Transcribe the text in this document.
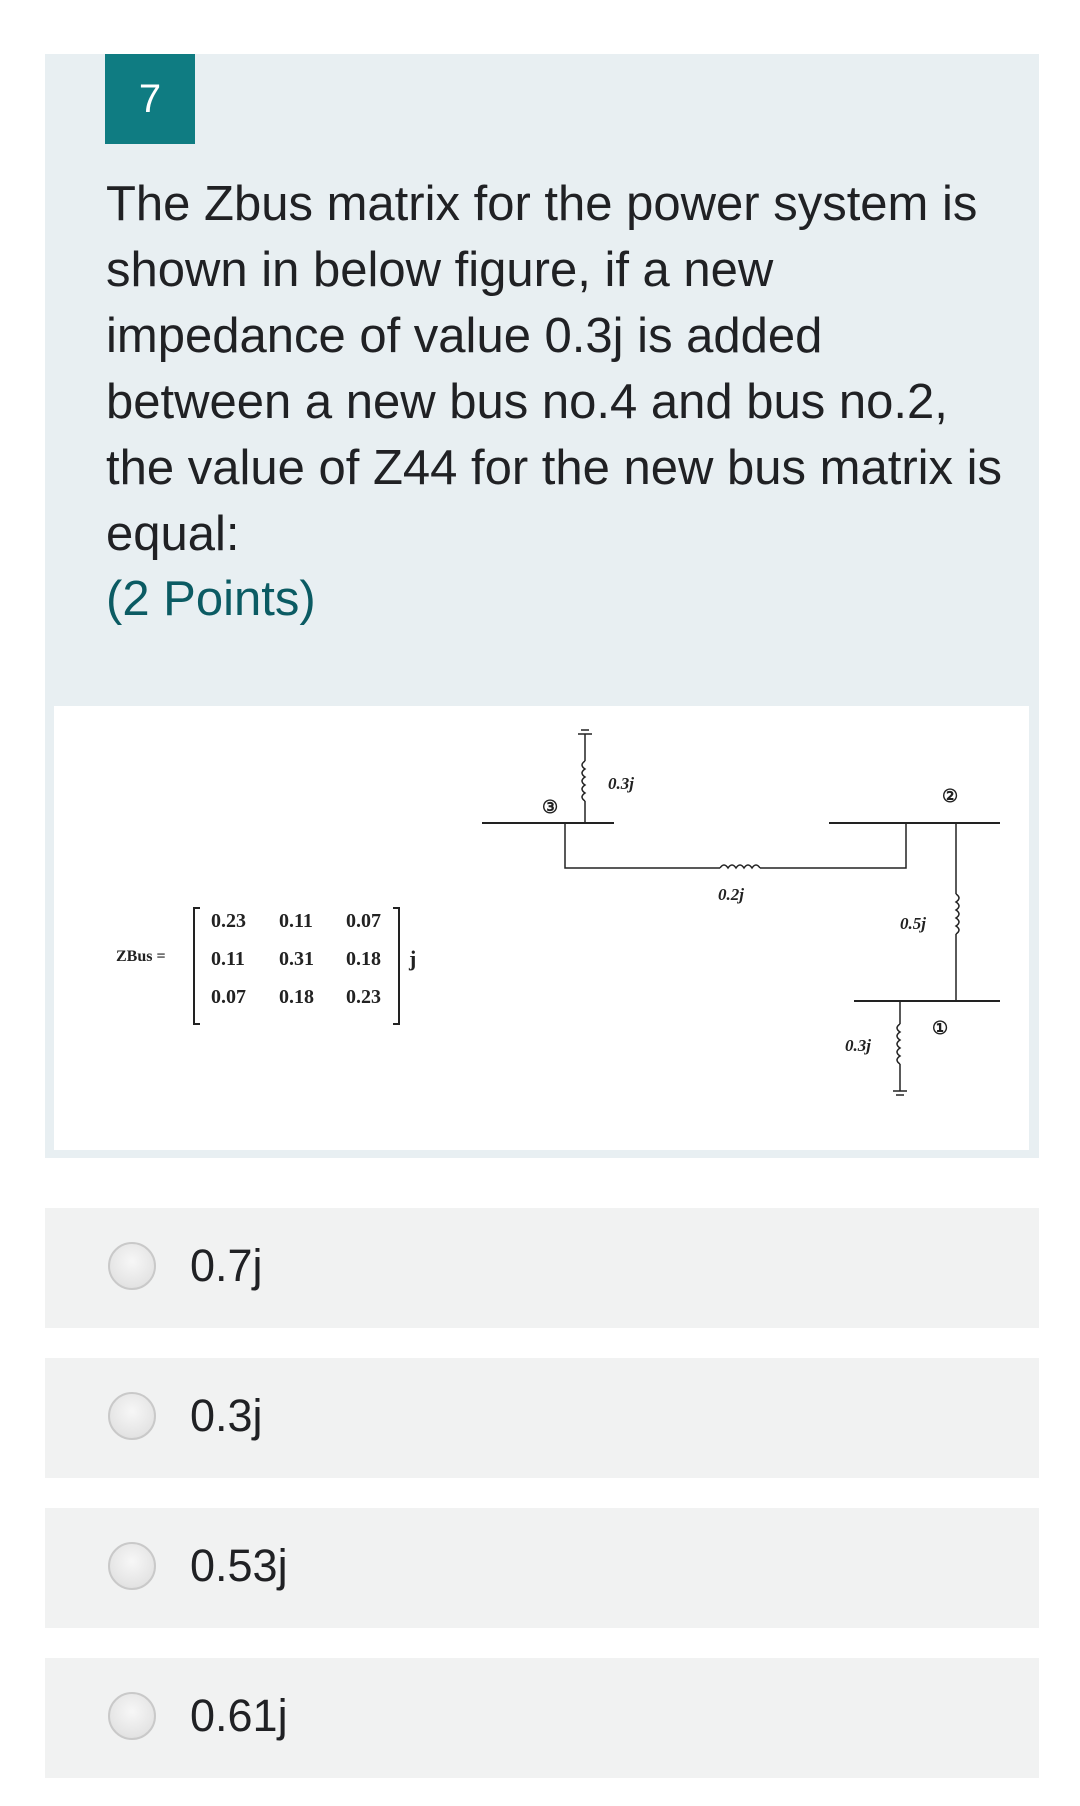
7
The Zbus matrix for the power system is shown in below figure, if a new impedance of value 0.3j is added between a new bus no.4 and bus no.2, the value of Z44 for the new bus matrix is equal:
(2 Points)
ZBus =
0.23 0.11 0.07
0.11 0.31 0.18
0.07 0.18 0.23
j
③
0.3j
0.2j
②
0.5j
①
0.3j
0.7j
0.3j
0.53j
0.61j
